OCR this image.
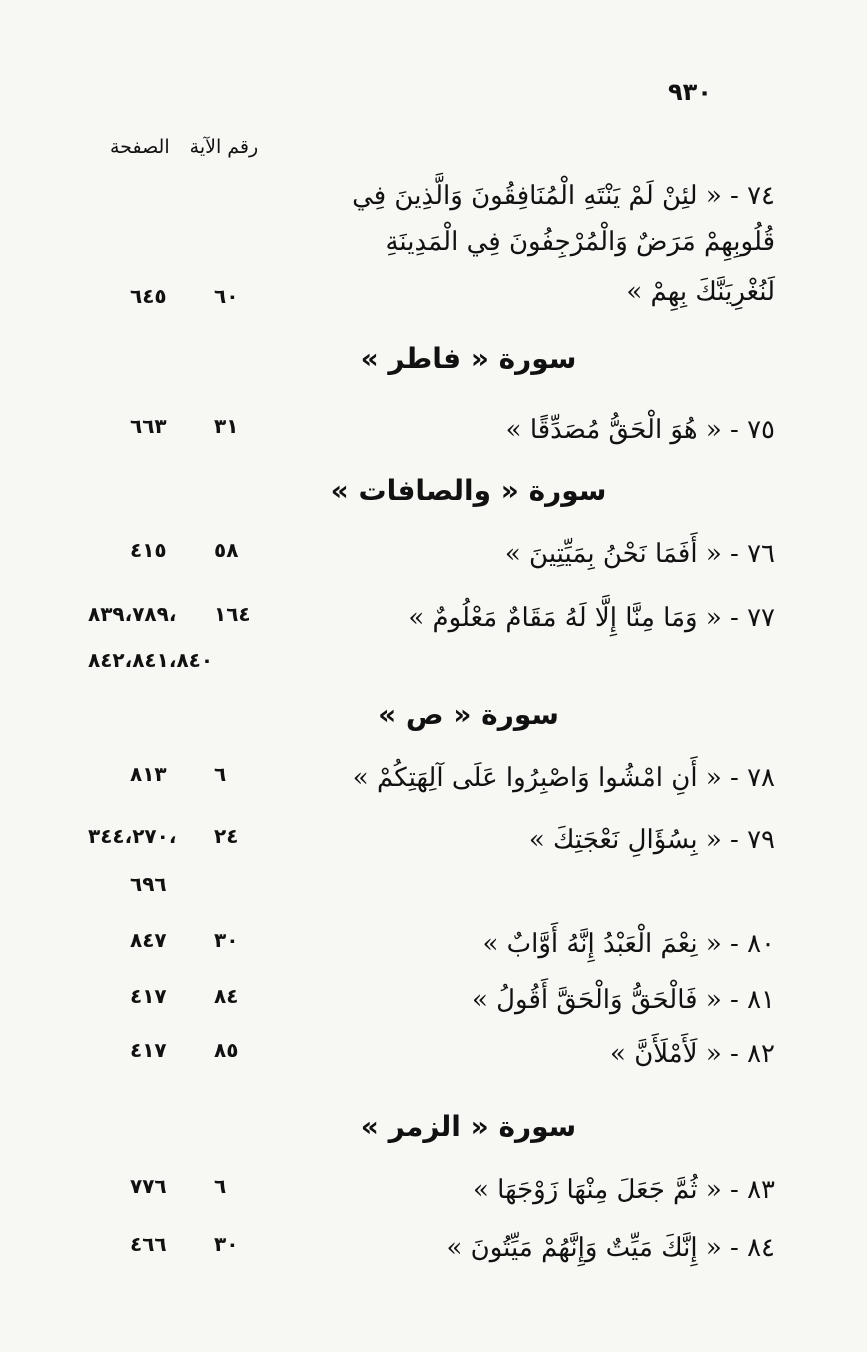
٩٣٠
رقم الآية الصفحة
٧٤ - « لئِنْ لَمْ يَنْتَهِ الْمُنَافِقُونَ وَالَّذِينَ فِي
قُلُوبِهِمْ مَرَضٌ وَالْمُرْجِفُونَ فِي الْمَدِينَةِ
لَنُغْرِيَنَّكَ بِهِمْ »
٦٠
٦٤٥
سورة « فاطر »
٧٥ - « هُوَ الْحَقُّ مُصَدِّقًا »
٣١
٦٦٣
سورة « والصافات »
٧٦ - « أَفَمَا نَحْنُ بِمَيِّتِينَ »
٥٨
٤١٥
٧٧ - « وَمَا مِنَّا إِلَّا لَهُ مَقَامٌ مَعْلُومٌ »
١٦٤
٨٣٩،٧٨٩،
٨٤٢،٨٤١،٨٤٠
سورة « ص »
٧٨ - « أَنِ امْشُوا وَاصْبِرُوا عَلَى آلِهَتِكُمْ »
٦
٨١٣
٧٩ - « بِسُؤَالِ نَعْجَتِكَ »
٢٤
٣٤٤،٢٧٠،
٦٩٦
٨٠ - « نِعْمَ الْعَبْدُ إِنَّهُ أَوَّابٌ »
٣٠
٨٤٧
٨١ - « فَالْحَقُّ وَالْحَقَّ أَقُولُ »
٨٤
٤١٧
٨٢ - « لَأَمْلَأَنَّ »
٨٥
٤١٧
سورة « الزمر »
٨٣ - « ثُمَّ جَعَلَ مِنْهَا زَوْجَهَا »
٦
٧٧٦
٨٤ - « إِنَّكَ مَيِّتٌ وَإِنَّهُمْ مَيِّتُونَ »
٣٠
٤٦٦
